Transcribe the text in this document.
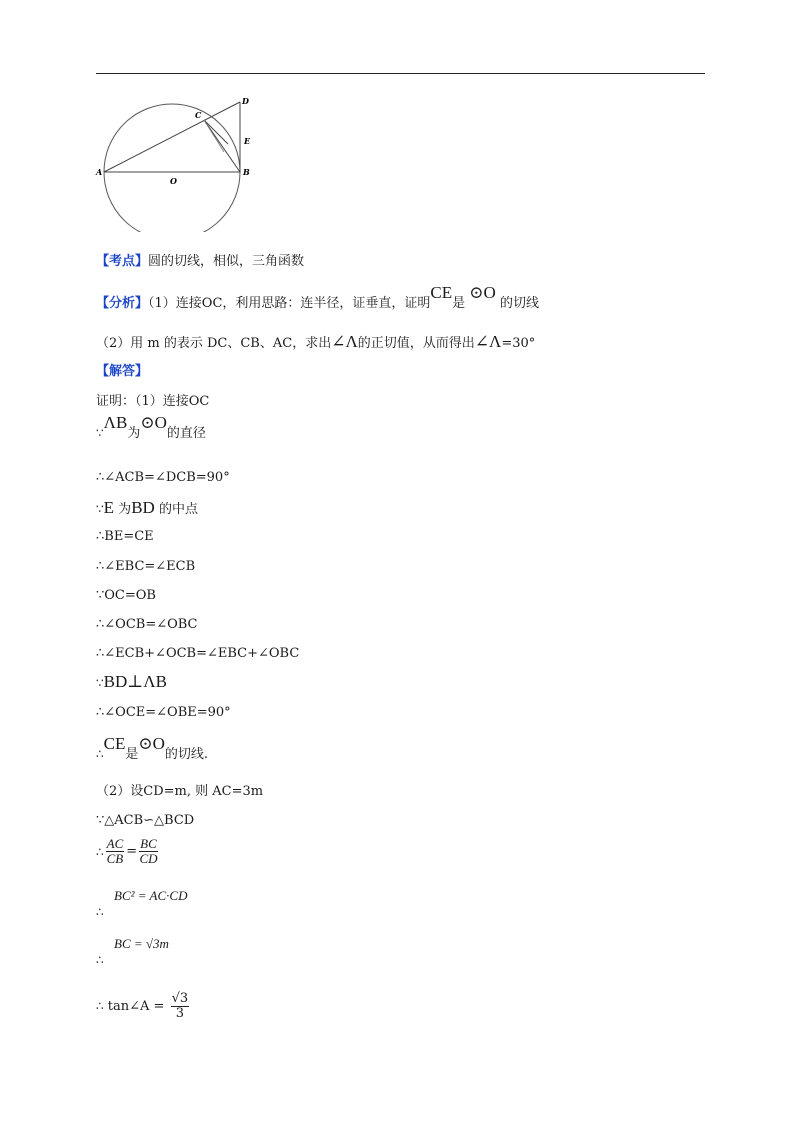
A	B
C
D
E
O
【考点】圆的切线，相似，三角函数
【分析】（1）连接OC，利用思路：连半径，证垂直，证明CE是 ⊙O 的切线
（2）用 m 的表示 DC、CB、AC，求出∠Λ的正切值，从而得出∠Λ=30°
【解答】
证明：（1）连接OC
∵ΛB为⊙O的直径
∴∠ACB=∠DCB=90°
∵E 为BD 的中点
∴BE=CE
∴∠EBC=∠ECB
∵OC=OB
∴∠OCB=∠OBC
∴∠ECB+∠OCB=∠EBC+∠OBC
∵BD⊥ΛB
∴∠OCE=∠OBE=90°
∴CE是⊙O的切线.
（2）设CD=m, 则 AC=3m
∵△ACB∽△BCD
∴ $\frac{AC}{CB} = \frac{BC}{CD}$
BC² = AC·CD
∴
BC = √3m
∴
∴ tan∠A = $\frac{√3}{3}$
